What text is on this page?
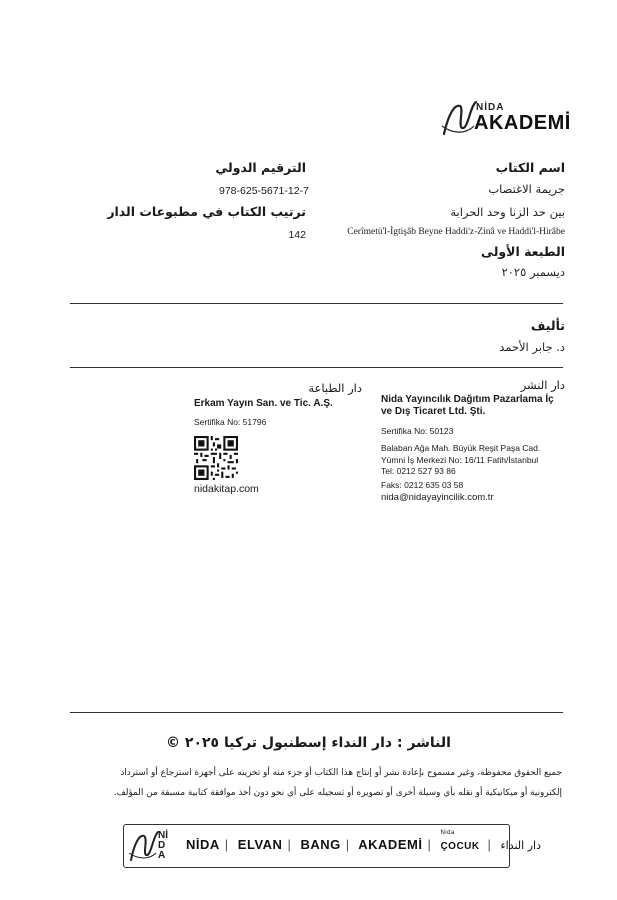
NİDA
AKADEMİ
اسم الكتاب
جريمة الاغتصاب
بين حد الزنا وحد الحرابة
Cerîmetü'l-İgtişâb Beyne Haddi'z-Zinâ ve Haddi'l-Hirâbe
الطبعة الأولى
ديسمبر ٢٠٢٥
الترقيم الدولي
978-625-5671-12-7
ترتيب الكتاب في مطبوعات الدار
142
تأليف
د. جابر الأحمد
دار النشر
Nida Yayıncılık Dağıtım Pazarlama İç
ve Dış Ticaret Ltd. Şti.
Sertifika No: 50123
Balaban Ağa Mah. Büyük Reşit Paşa Cad.
Yümni İş Merkezi No: 16/11 Fatih/İstanbul
Tel: 0212 527 93 86
Faks: 0212 635 03 58
nida@nidayayincilik.com.tr
دار الطباعة
Erkam Yayın San. ve Tic. A.Ş.
Sertifika No: 51796
nidakitap.com
الناشر : دار النداء إسطنبول تركيا ٢٠٢٥ ©
جميع الحقوق محفوظة، وغير مسموح بإعادة نشر أو إنتاج هذا الكتاب أو جزء منه أو تخزينه على أجهزة استرجاع أو استرداد
إلكترونية أو ميكانيكية أو نقله بأي وسيلة أخرى أو تصويره أو تسجيله على أي نحو دون أخذ موافقة كتابية مسبقة من المؤلف.
NİDA
NİDA | ELVAN | BANG | AKADEMİ |
Nida
ÇOCUK | دار النداء
